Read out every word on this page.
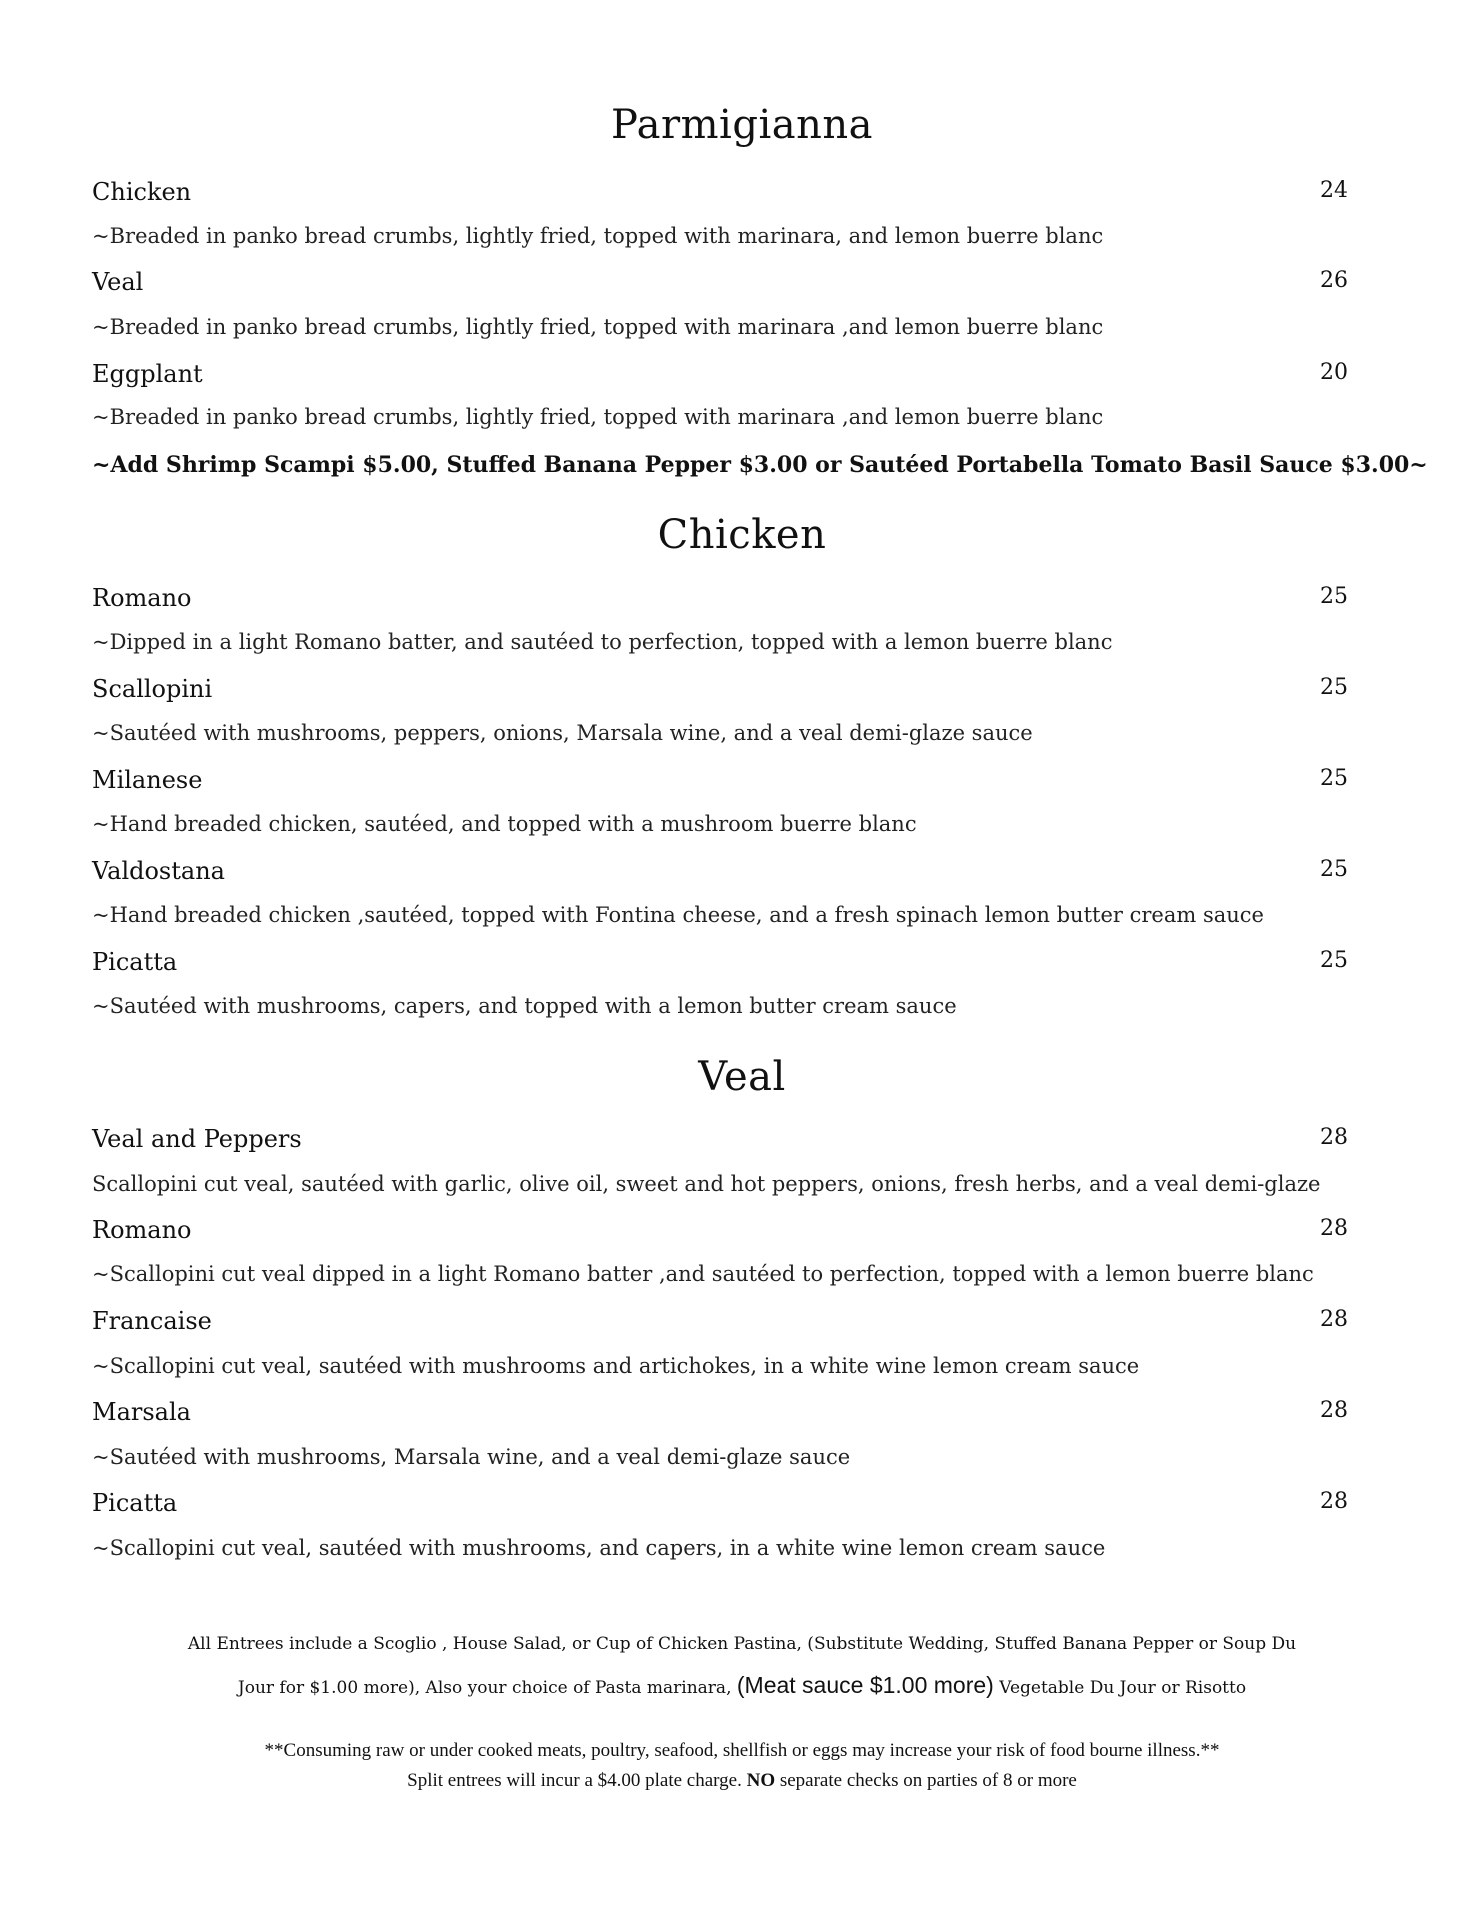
Parmigianna
Chicken	24
~Breaded in panko bread crumbs, lightly fried, topped with marinara, and lemon buerre blanc
Veal	26
~Breaded in panko bread crumbs, lightly fried, topped with marinara ,and lemon buerre blanc
Eggplant	20
~Breaded in panko bread crumbs, lightly fried, topped with marinara ,and lemon buerre blanc
~Add Shrimp Scampi $5.00, Stuffed Banana Pepper $3.00 or Sautéed Portabella Tomato Basil Sauce $3.00~
Chicken
Romano	25
~Dipped in a light Romano batter, and sautéed to perfection, topped with a lemon buerre blanc
Scallopini	25
~Sautéed with mushrooms, peppers, onions, Marsala wine, and a veal demi-glaze sauce
Milanese	25
~Hand breaded chicken, sautéed, and topped with a mushroom buerre blanc
Valdostana	25
~Hand breaded chicken ,sautéed, topped with Fontina cheese, and a fresh spinach lemon butter cream sauce
Picatta	25
~Sautéed with mushrooms, capers, and topped with a lemon butter cream sauce
Veal
Veal and Peppers	28
Scallopini cut veal, sautéed with garlic, olive oil, sweet and hot peppers, onions, fresh herbs, and a veal demi-glaze
Romano	28
~Scallopini cut veal dipped in a light Romano batter ,and sautéed to perfection, topped with a lemon buerre blanc
Francaise	28
~Scallopini cut veal, sautéed with mushrooms and artichokes, in a white wine lemon cream sauce
Marsala	28
~Sautéed with mushrooms, Marsala wine, and a veal demi-glaze sauce
Picatta	28
~Scallopini cut veal, sautéed with mushrooms, and capers, in a white wine lemon cream sauce
All Entrees include a Scoglio , House Salad, or Cup of Chicken Pastina, (Substitute Wedding, Stuffed Banana Pepper or Soup Du
Jour for $1.00 more), Also your choice of Pasta marinara, (Meat sauce $1.00 more) Vegetable Du Jour or Risotto
**Consuming raw or under cooked meats, poultry, seafood, shellfish or eggs may increase your risk of food bourne illness.**
Split entrees will incur a $4.00 plate charge. NO separate checks on parties of 8 or more
